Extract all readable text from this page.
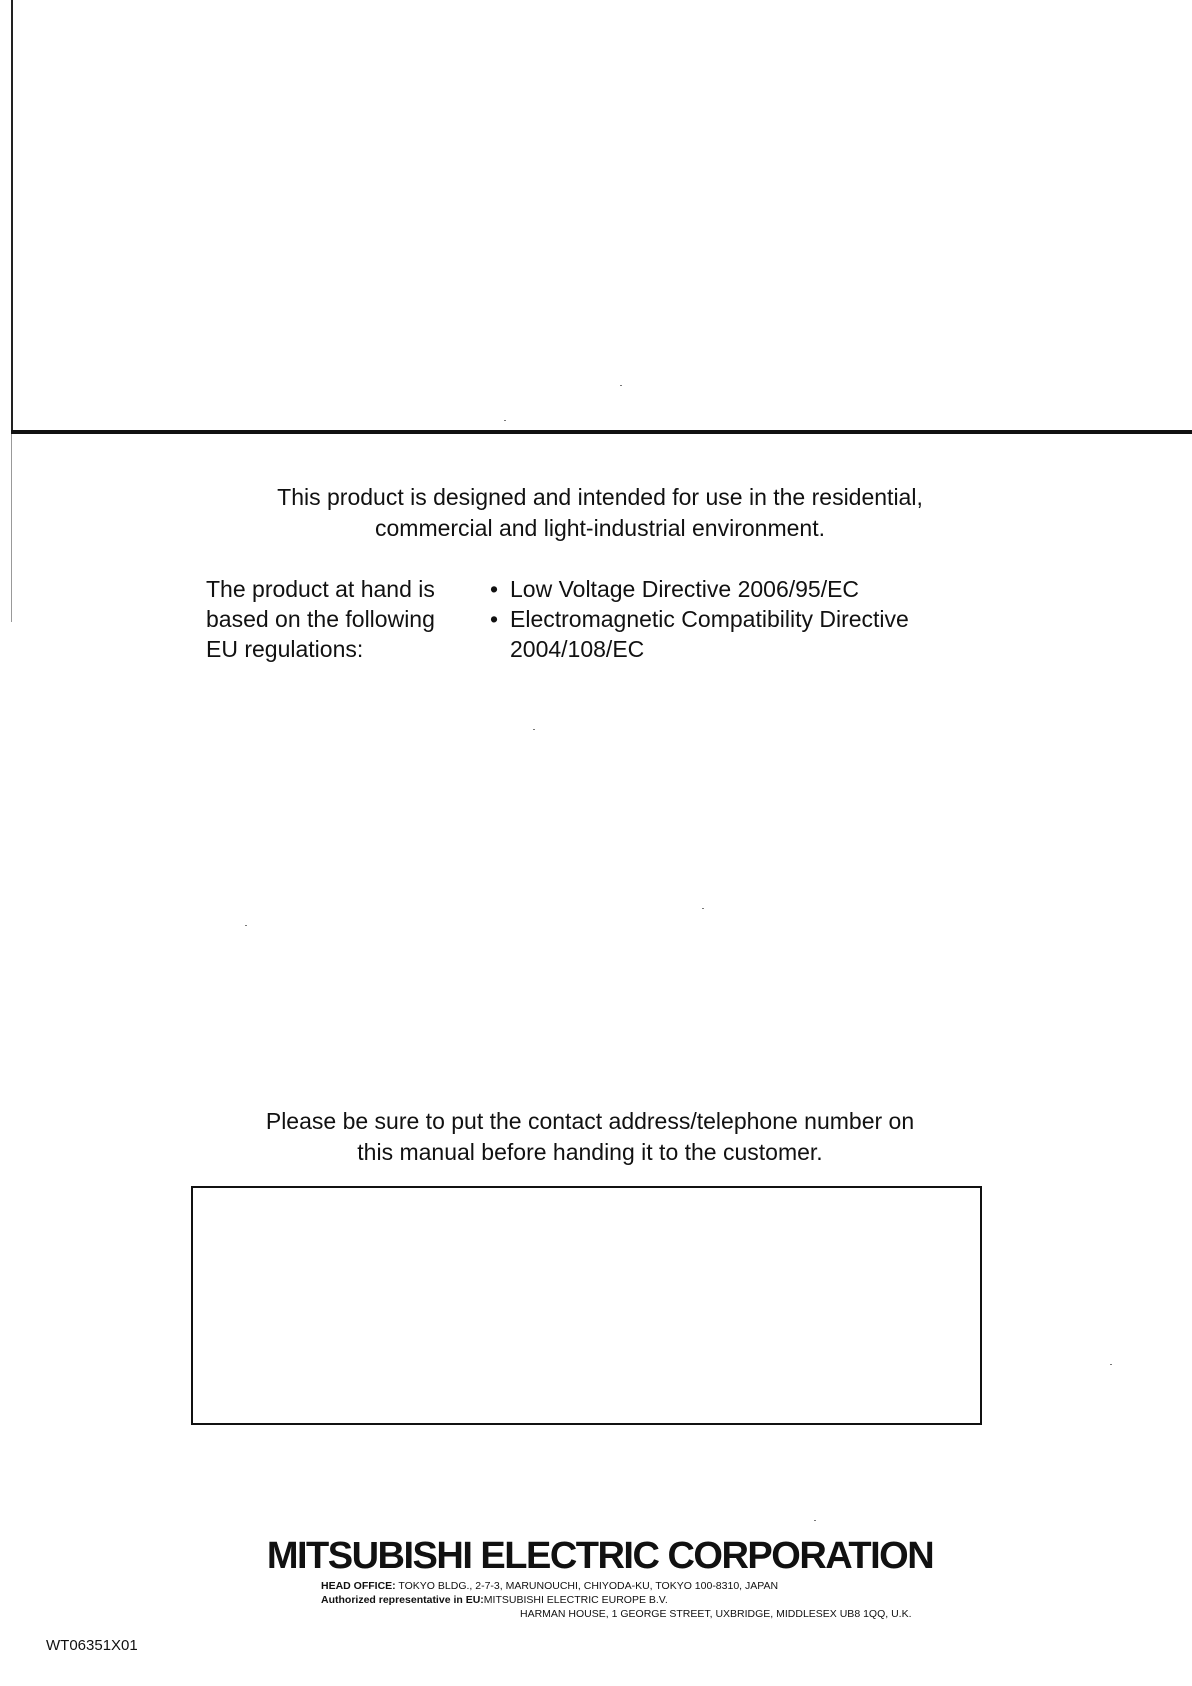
This product is designed and intended for use in the residential,
commercial and light-industrial environment.
The product at hand is
based on the following
EU regulations:
• Low Voltage Directive 2006/95/EC
• Electromagnetic Compatibility Directive
2004/108/EC
Please be sure to put the contact address/telephone number on
this manual before handing it to the customer.
MITSUBISHI ELECTRIC CORPORATION
HEAD OFFICE: TOKYO BLDG., 2-7-3, MARUNOUCHI, CHIYODA-KU, TOKYO 100-8310, JAPAN
Authorized representative in EU:MITSUBISHI ELECTRIC EUROPE B.V.
HARMAN HOUSE, 1 GEORGE STREET, UXBRIDGE, MIDDLESEX UB8 1QQ, U.K.
WT06351X01
